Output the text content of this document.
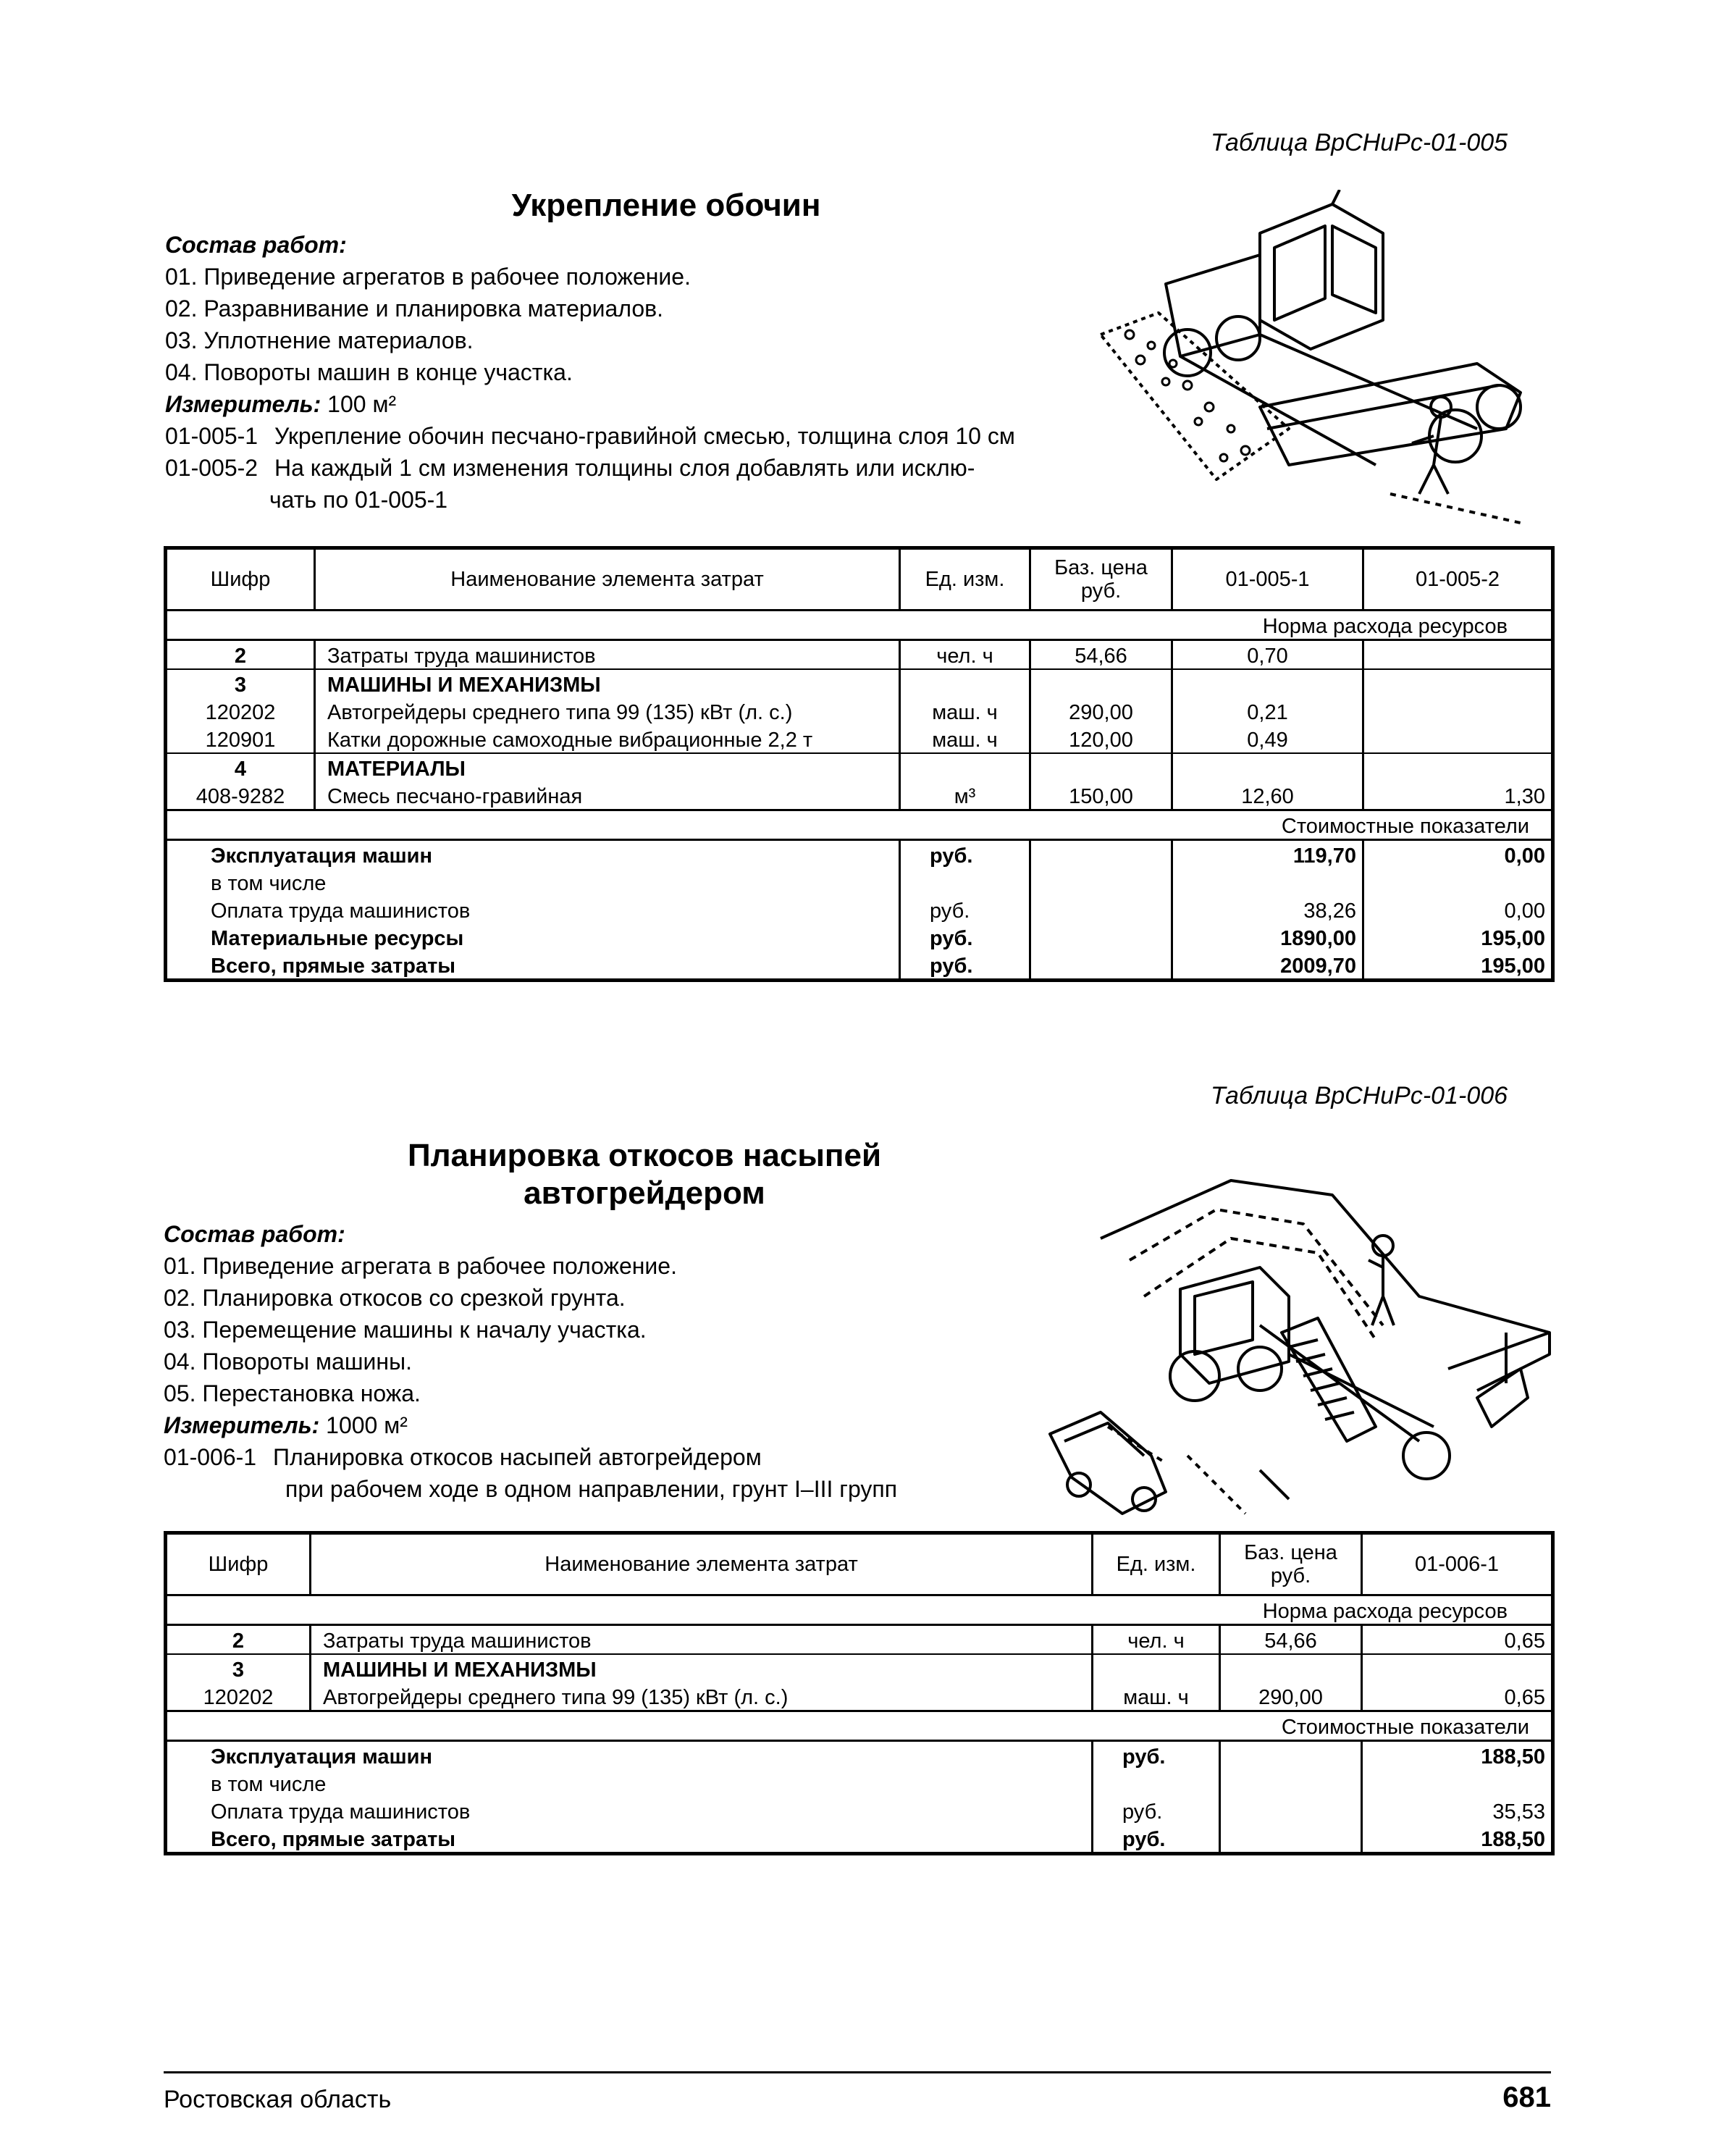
Таблица ВрСНиРс-01-005
Укрепление обочин
Состав работ:
01. Приведение агрегатов в рабочее положение.
02. Разравнивание и планировка материалов.
03. Уплотнение материалов.
04. Повороты машин в конце участка.
Измеритель: 100 м²
01-005-1 Укрепление обочин песчано-гравийной смесью, толщина слоя 10 см
01-005-2 На каждый 1 см изменения толщины слоя добавлять или исклю-
чать по 01-005-1
Шифр	Наименование элемента затрат	Ед. изм.	Баз. цена руб.	01-005-1	01-005-2
Норма расхода ресурсов					
2	Затраты труда машинистов	чел. ч	54,66	0,70	
3	МАШИНЫ И МЕХАНИЗМЫ				
120202	Автогрейдеры среднего типа 99 (135) кВт (л. с.)	маш. ч	290,00	0,21	
120901	Катки дорожные самоходные вибрационные 2,2 т	маш. ч	120,00	0,49	
4	МАТЕРИАЛЫ				
408-9282	Смесь песчано-гравийная	м³	150,00	12,60	1,30
Стоимостные показатели					
Эксплуатация машин		руб.		119,70	0,00
в том числе					
Оплата труда машинистов		руб.		38,26	0,00
Материальные ресурсы		руб.		1890,00	195,00
Всего, прямые затраты		руб.		2009,70	195,00
Таблица ВрСНиРс-01-006
Планировка откосов насыпей
автогрейдером
Состав работ:
01. Приведение агрегата в рабочее положение.
02. Планировка откосов со срезкой грунта.
03. Перемещение машины к началу участка.
04. Повороты машины.
05. Перестановка ножа.
Измеритель: 1000 м²
01-006-1 Планировка откосов насыпей автогрейдером
при рабочем ходе в одном направлении, грунт I–III групп
Шифр	Наименование элемента затрат	Ед. изм.	Баз. цена руб.	01-006-1
Норма расхода ресурсов				
2	Затраты труда машинистов	чел. ч	54,66	0,65
3	МАШИНЫ И МЕХАНИЗМЫ			
120202	Автогрейдеры среднего типа 99 (135) кВт (л. с.)	маш. ч	290,00	0,65
Стоимостные показатели				
Эксплуатация машин		руб.		188,50
в том числе				
Оплата труда машинистов		руб.		35,53
Всего, прямые затраты		руб.		188,50
Ростовская область	681
